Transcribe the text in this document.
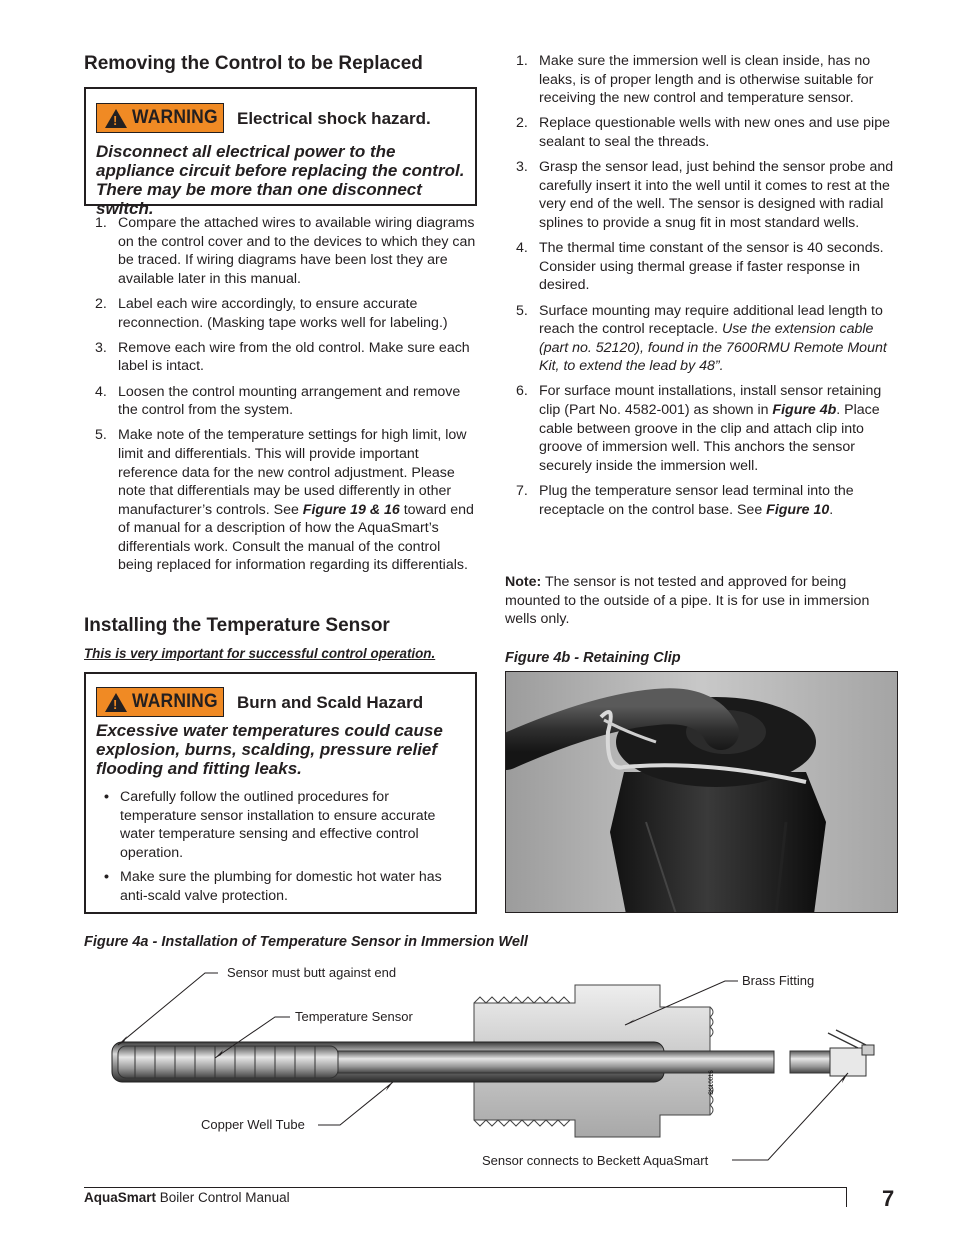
Removing the Control to be Replaced
! WARNING Electrical shock hazard.
Disconnect all electrical power to the appliance circuit before replacing the control. There may be more than one disconnect switch.
1. Compare the attached wires to available wiring diagrams on the control cover and to the devices to which they can be traced. If wiring diagrams have been lost they are available later in this manual.
2. Label each wire accordingly, to ensure accurate reconnection. (Masking tape works well for labeling.)
3. Remove each wire from the old control. Make sure each label is intact.
4. Loosen the control mounting arrangement and remove the control from the system.
5. Make note of the temperature settings for high limit, low limit and differentials. This will provide important reference data for the new control adjustment. Please note that differentials may be used differently in other manufacturer’s controls. See Figure 19 & 16 toward end of manual for a description of how the AquaSmart’s differentials work. Consult the manual of the control being replaced for information regarding its differentials.
Installing the Temperature Sensor
This is very important for successful control operation.
! WARNING Burn and Scald Hazard
Excessive water temperatures could cause explosion, burns, scalding, pressure relief flooding and fitting leaks.
• Carefully follow the outlined procedures for temperature sensor installation to ensure accurate water temperature sensing and effective control operation.
• Make sure the plumbing for domestic hot water has anti-scald valve protection.
1. Make sure the immersion well is clean inside, has no leaks, is of proper length and is otherwise suitable for receiving the new control and temperature sensor.
2. Replace questionable wells with new ones and use pipe sealant to seal the threads.
3. Grasp the sensor lead, just behind the sensor probe and carefully insert it into the well until it comes to rest at the very end of the well. The sensor is designed with radial splines to provide a snug fit in most standard wells.
4. The thermal time constant of the sensor is 40 seconds. Consider using thermal grease if faster response in desired.
5. Surface mounting may require additional lead length to reach the control receptacle. Use the extension cable (part no. 52120), found in the 7600RMU Remote Mount Kit, to extend the lead by 48”.
6. For surface mount installations, install sensor retaining clip (Part No. 4582-001) as shown in Figure 4b. Place cable between groove in the clip and attach clip into groove of immersion well. This anchors the sensor securely inside the immersion well.
7. Plug the temperature sensor lead terminal into the receptacle on the control base. See Figure 10.
Note: The sensor is not tested and approved for being mounted to the outside of a pipe. It is for use in immersion wells only.
Figure 4b - Retaining Clip
Figure 4a - Installation of Temperature Sensor in Immersion Well
SK10016
Sensor must butt against end
Temperature Sensor
Brass Fitting
Copper Well Tube
Sensor connects to Beckett AquaSmart
AquaSmart Boiler Control Manual	7
